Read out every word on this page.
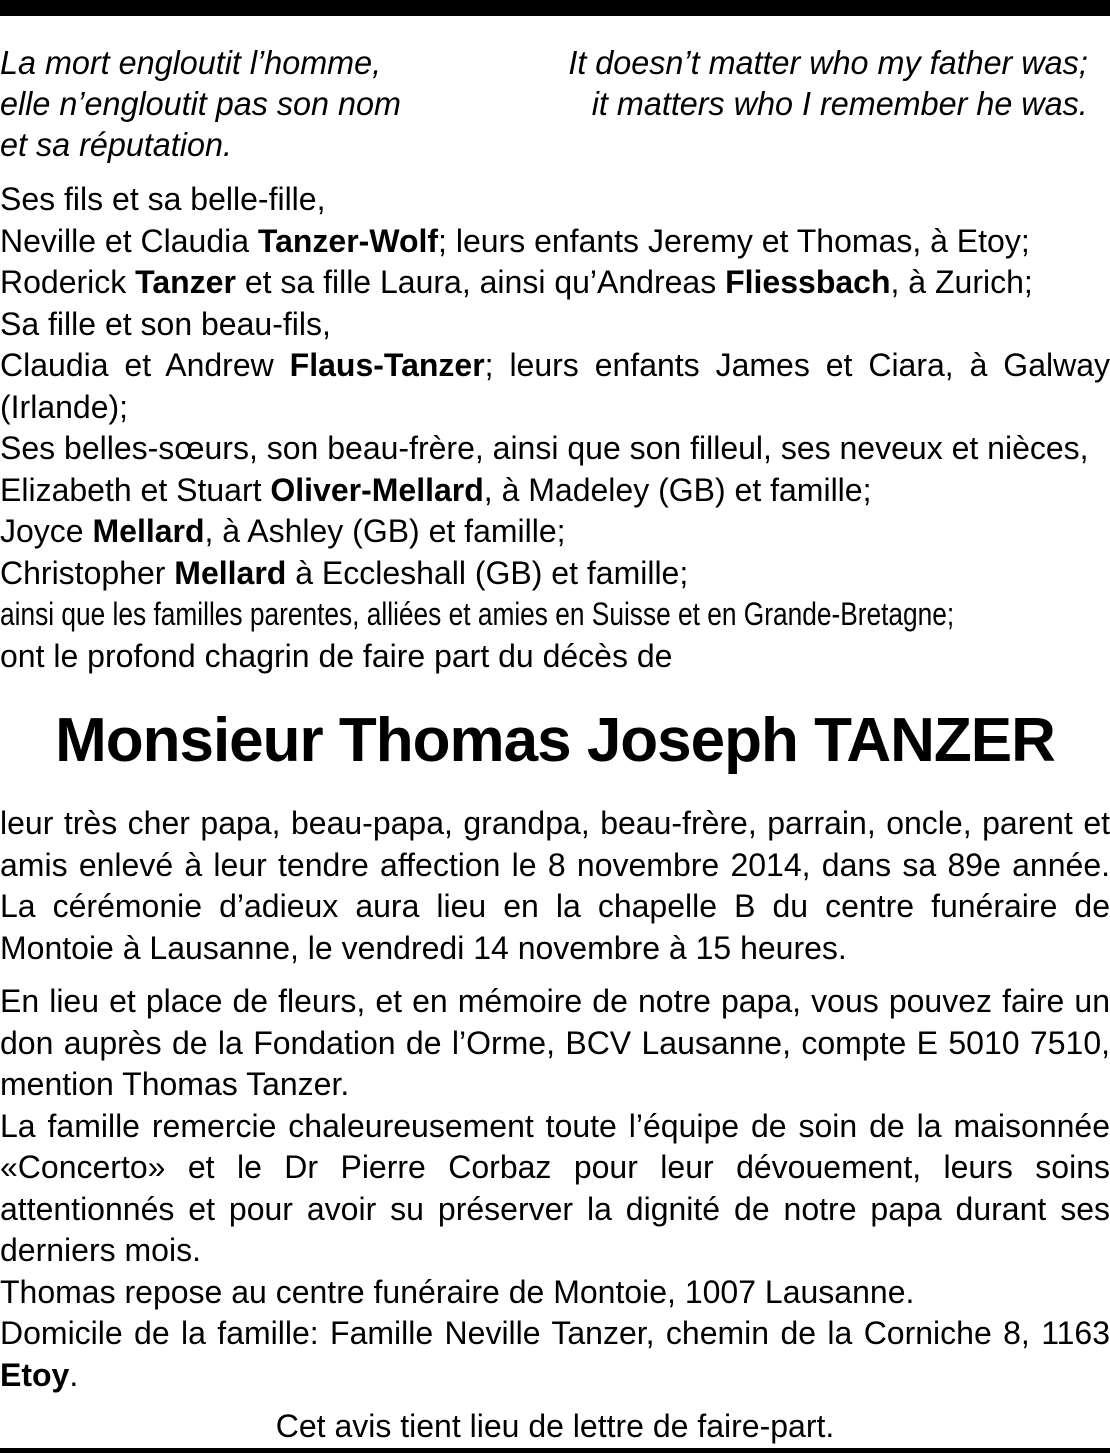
La mort engloutit l’homme,
elle n’engloutit pas son nom
et sa réputation.
It doesn’t matter who my father was;
it matters who I remember he was.
Ses fils et sa belle-fille,
Neville et Claudia Tanzer-Wolf; leurs enfants Jeremy et Thomas, à Etoy;
Roderick Tanzer et sa fille Laura, ainsi qu’Andreas Fliessbach, à Zurich;
Sa fille et son beau-fils,
Claudia et Andrew Flaus-Tanzer; leurs enfants James et Ciara, à Galway
(Irlande);
Ses belles-sœurs, son beau-frère, ainsi que son filleul, ses neveux et nièces,
Elizabeth et Stuart Oliver-Mellard, à Madeley (GB) et famille;
Joyce Mellard, à Ashley (GB) et famille;
Christopher Mellard à Eccleshall (GB) et famille;
ainsi que les familles parentes, alliées et amies en Suisse et en Grande-Bretagne;
ont le profond chagrin de faire part du décès de
Monsieur Thomas Joseph TANZER
leur très cher papa, beau-papa, grandpa, beau-frère, parrain, oncle, parent et amis enlevé à leur tendre affection le 8 novembre 2014, dans sa 89e année. La cérémonie d’adieux aura lieu en la chapelle B du centre funéraire de Montoie à Lausanne, le vendredi 14 novembre à 15 heures.
En lieu et place de fleurs, et en mémoire de notre papa, vous pouvez faire un don auprès de la Fondation de l’Orme, BCV Lausanne, compte E 5010 7510, mention Thomas Tanzer.
La famille remercie chaleureusement toute l’équipe de soin de la maisonnée «Concerto» et le Dr Pierre Corbaz pour leur dévouement, leurs soins attentionnés et pour avoir su préserver la dignité de notre papa durant ses derniers mois.
Thomas repose au centre funéraire de Montoie, 1007 Lausanne.
Domicile de la famille: Famille Neville Tanzer, chemin de la Corniche 8, 1163 Etoy.
Cet avis tient lieu de lettre de faire-part.
